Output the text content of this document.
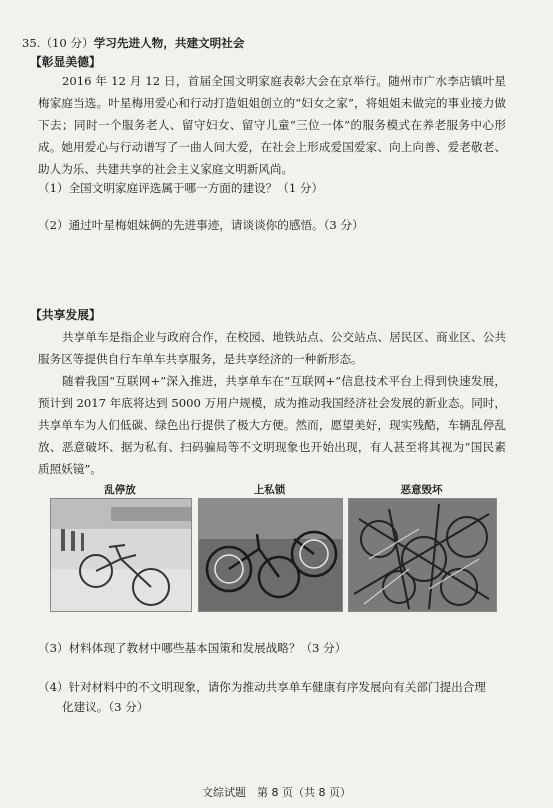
35.（10 分）学习先进人物，共建文明社会
【彰显美德】
2016 年 12 月 12 日，首届全国文明家庭表彰大会在京举行。随州市广水李店镇叶星梅家庭当选。叶星梅用爱心和行动打造姐姐创立的“妇女之家”，将姐姐未做完的事业接力做下去；同时一个服务老人、留守妇女、留守儿童“三位一体”的服务模式在养老服务中心形成。她用爱心与行动谱写了一曲人间大爱，在社会上形成爱国爱家、向上向善、爱老敬老、助人为乐、共建共享的社会主义家庭文明新风尚。
（1）全国文明家庭评选属于哪一方面的建设？（1 分）
（2）通过叶星梅姐妹俩的先进事迹，请谈谈你的感悟。（3 分）
【共享发展】
共享单车是指企业与政府合作，在校园、地铁站点、公交站点、居民区、商业区、公共服务区等提供自行车单车共享服务，是共享经济的一种新形态。
随着我国“互联网+”深入推进，共享单车在“互联网+”信息技术平台上得到快速发展，预计到 2017 年底将达到 5000 万用户规模，成为推动我国经济社会发展的新业态。同时，共享单车为人们低碳、绿色出行提供了极大方便。然而，愿望美好，现实残酷，车辆乱停乱放、恶意破坏、据为私有、扫码骗局等不文明现象也开始出现，有人甚至将其视为“国民素质照妖镜”。
乱停放	上私锁	恶意毁坏
（3）材料体现了教材中哪些基本国策和发展战略？（3 分）
（4）针对材料中的不文明现象，请你为推动共享单车健康有序发展向有关部门提出合理
化建议。（3 分）
文综试题　第 8 页（共 8 页）
